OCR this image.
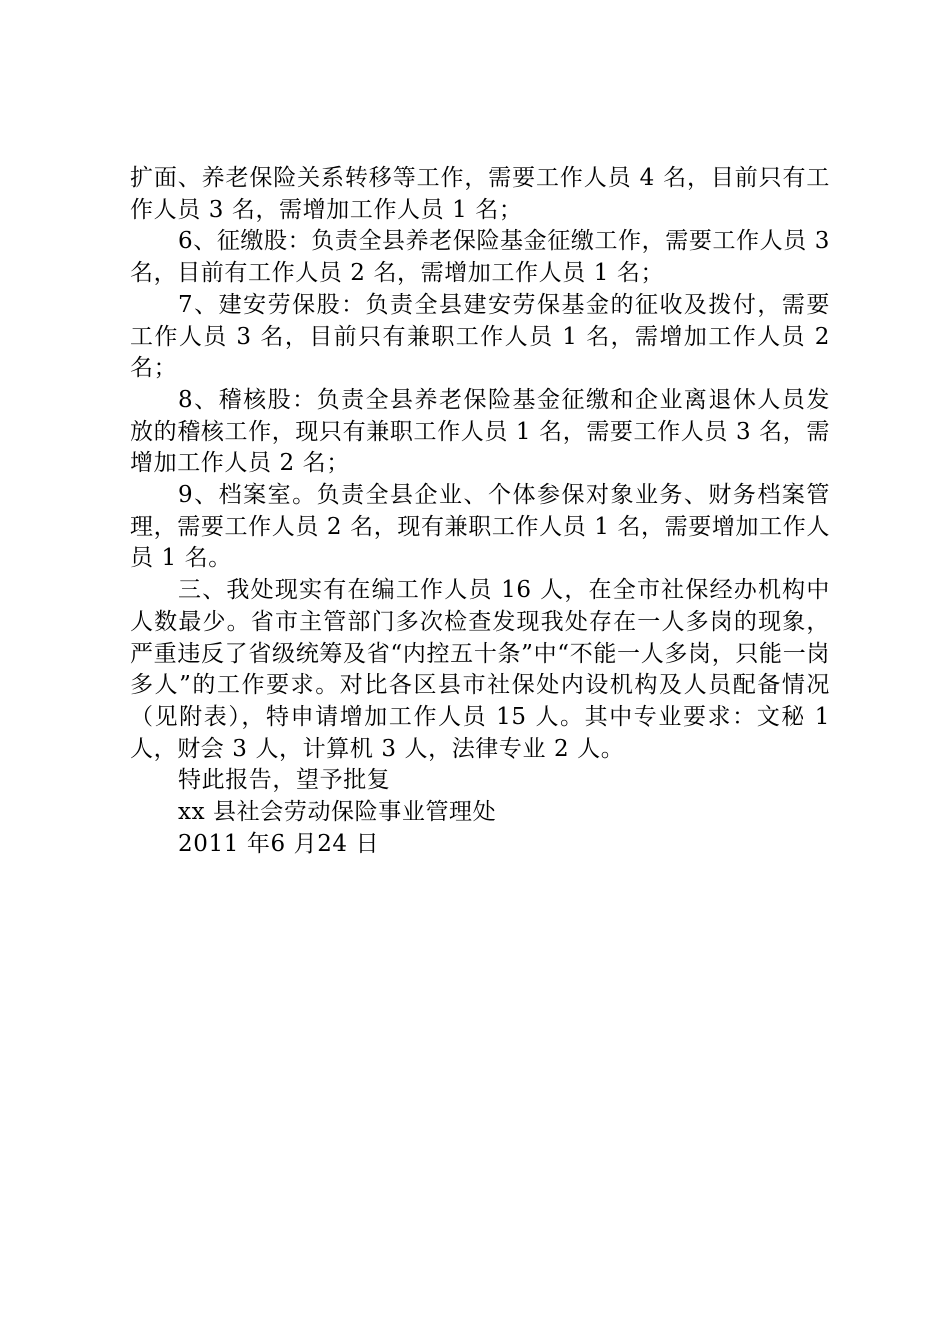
扩面、养老保险关系转移等工作，需要工作人员 4 名，目前只有工作人员 3 名，需增加工作人员 1 名；

6、征缴股：负责全县养老保险基金征缴工作，需要工作人员 3 名，目前有工作人员 2 名，需增加工作人员 1 名；

7、建安劳保股：负责全县建安劳保基金的征收及拨付，需要工作人员 3 名，目前只有兼职工作人员 1 名，需增加工作人员 2 名；

8、稽核股：负责全县养老保险基金征缴和企业离退休人员发放的稽核工作，现只有兼职工作人员 1 名，需要工作人员 3 名，需增加工作人员 2 名；

9、档案室。负责全县企业、个体参保对象业务、财务档案管理，需要工作人员 2 名，现有兼职工作人员 1 名，需要增加工作人员 1 名。

三、我处现实有在编工作人员 16 人，在全市社保经办机构中人数最少。省市主管部门多次检查发现我处存在一人多岗的现象，严重违反了省级统筹及省“内控五十条”中“不能一人多岗，只能一岗多人”的工作要求。对比各区县市社保处内设机构及人员配备情况（见附表），特申请增加工作人员 15 人。其中专业要求：文秘 1 人，财会 3 人，计算机 3 人，法律专业 2 人。

特此报告，望予批复

xx 县社会劳动保险事业管理处

2011 年6 月24 日
